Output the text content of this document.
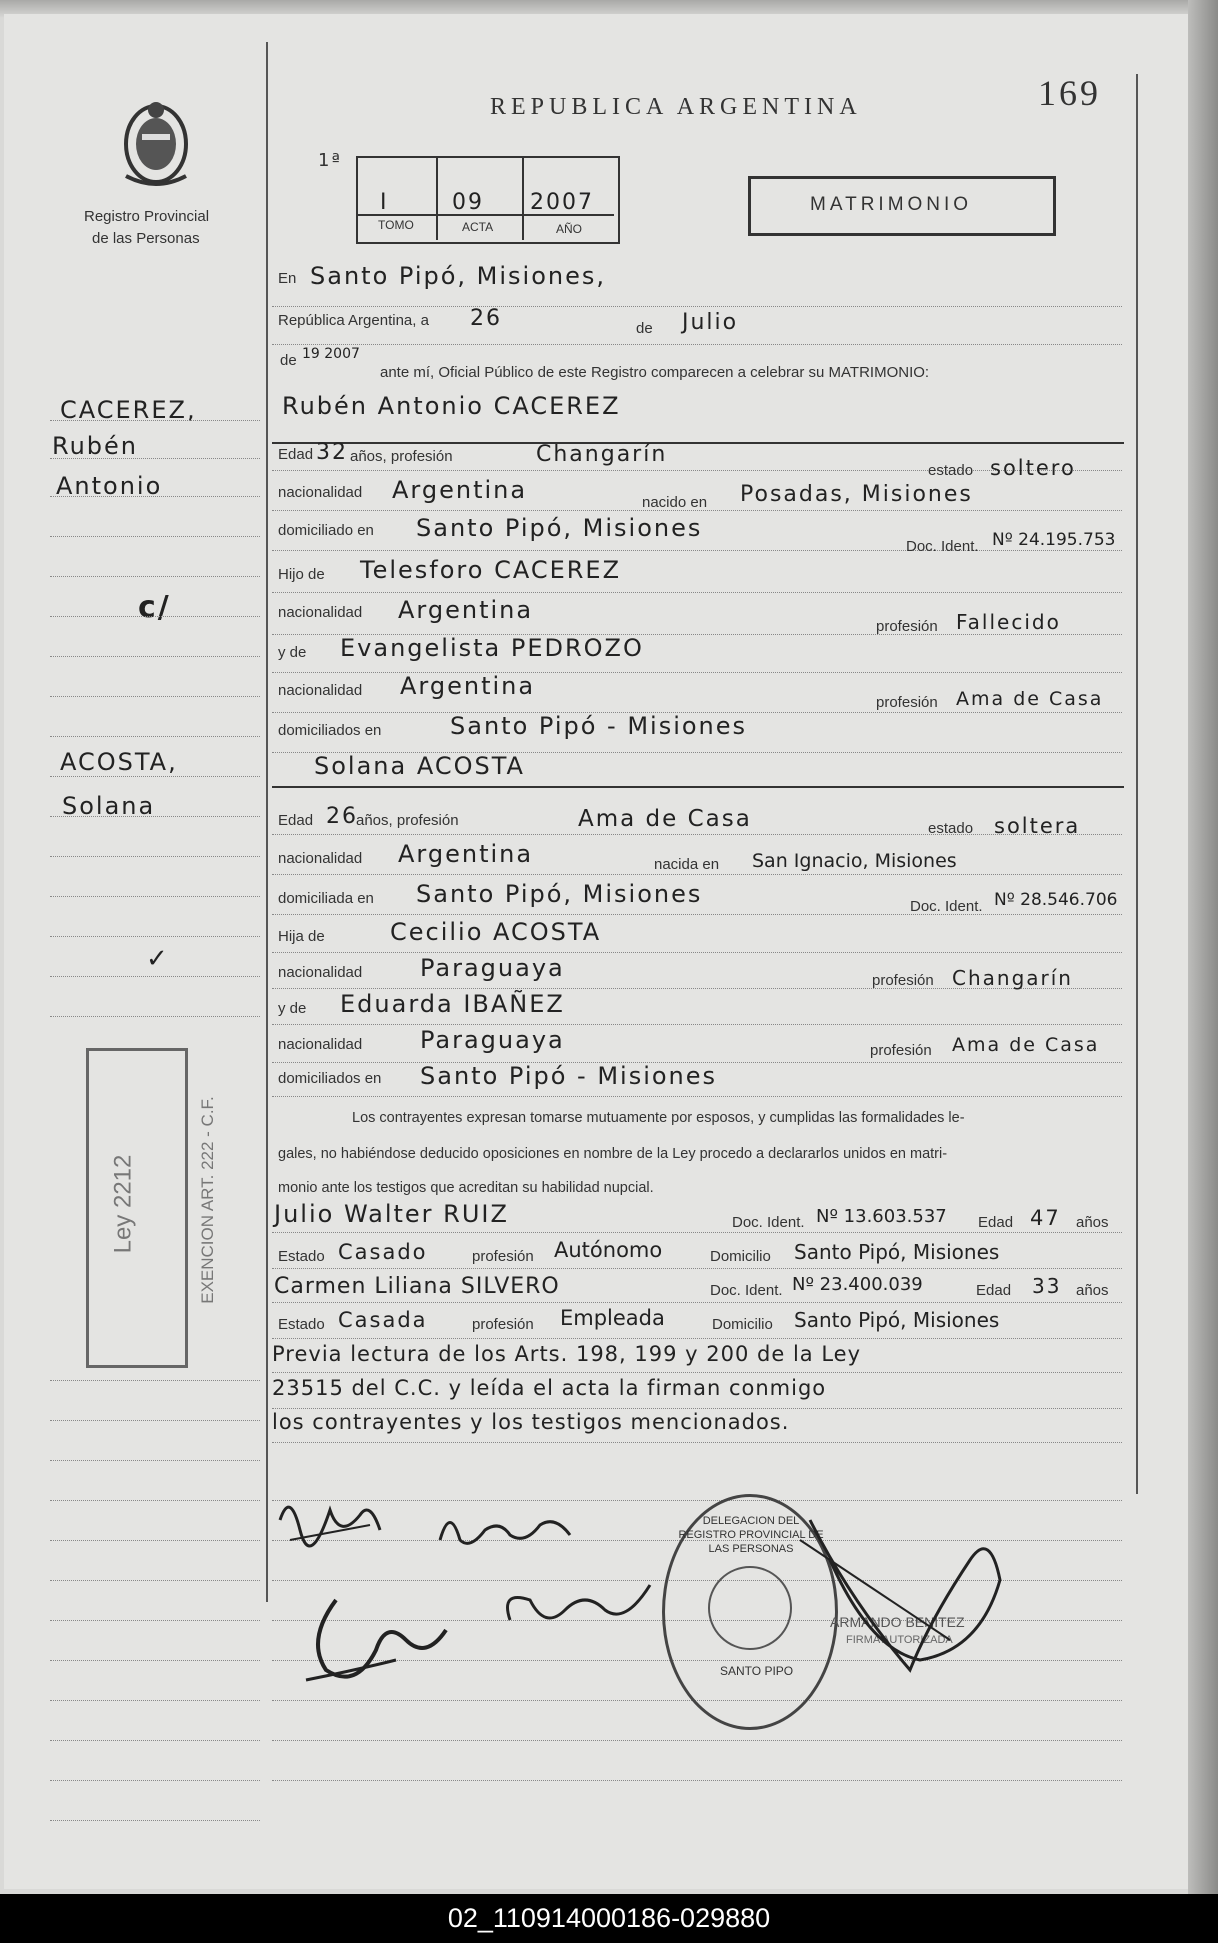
Registro Provincial
de las Personas
REPUBLICA ARGENTINA	169
1ª
I	09 2007
TOMO	ACTA	AÑO
MATRIMONIO
En Santo Pipó, Misiones,
República Argentina, a 26	de Julio
de 19 2007
ante mí, Oficial Público de este Registro comparecen a celebrar su MATRIMONIO:
CACEREZ,
Rubén
Antonio
c/
ACOSTA,
Solana
✓
Ley 2212	EXENCION ART. 222 - C.F.
Rubén Antonio CACEREZ
Edad 32 años, profesión	Changarín
estado soltero
nacionalidad Argentina	nacido en Posadas, Misiones
domiciliado en Santo Pipó, Misiones
Doc. Ident. Nº 24.195.753
Hijo de Telesforo CACEREZ
nacionalidad Argentina
profesión Fallecido
y de Evangelista PEDROZO
nacionalidad Argentina
profesión Ama de Casa
domiciliados en	Santo Pipó - Misiones
Solana ACOSTA
Edad 26
años, profesión	Ama de Casa	estado soltera
nacionalidad Argentina	nacida en San Ignacio, Misiones
domiciliada en Santo Pipó, Misiones	Doc. Ident. Nº 28.546.706
Hija de	Cecilio ACOSTA
nacionalidad Paraguaya	profesión Changarín
y de Eduarda IBAÑEZ
nacionalidad Paraguaya	profesión Ama de Casa
domiciliados en Santo Pipó - Misiones
Los contrayentes expresan tomarse mutuamente por esposos, y cumplidas las formalidades le-
gales, no habiéndose deducido oposiciones en nombre de la Ley procedo a declararlos unidos en matri-
monio ante los testigos que acreditan su habilidad nupcial.
Julio Walter RUIZ	Doc. Ident. Nº 13.603.537 Edad 47 años
Estado Casado	profesión Autónomo	Domicilio Santo Pipó, Misiones
Carmen Liliana SILVERO	Doc. Ident. Nº 23.400.039	Edad 33 años
Estado Casada	profesión Empleada	Domicilio Santo Pipó, Misiones
Previa lectura de los Arts. 198, 199 y 200 de la Ley
23515 del C.C. y leída el acta la firman conmigo
los contrayentes y los testigos mencionados.
DELEGACION DEL REGISTRO PROVINCIAL DE LAS PERSONAS
SANTO PIPO
ARMANDO BENITEZ
FIRMA AUTORIZADA
02_110914000186-029880
